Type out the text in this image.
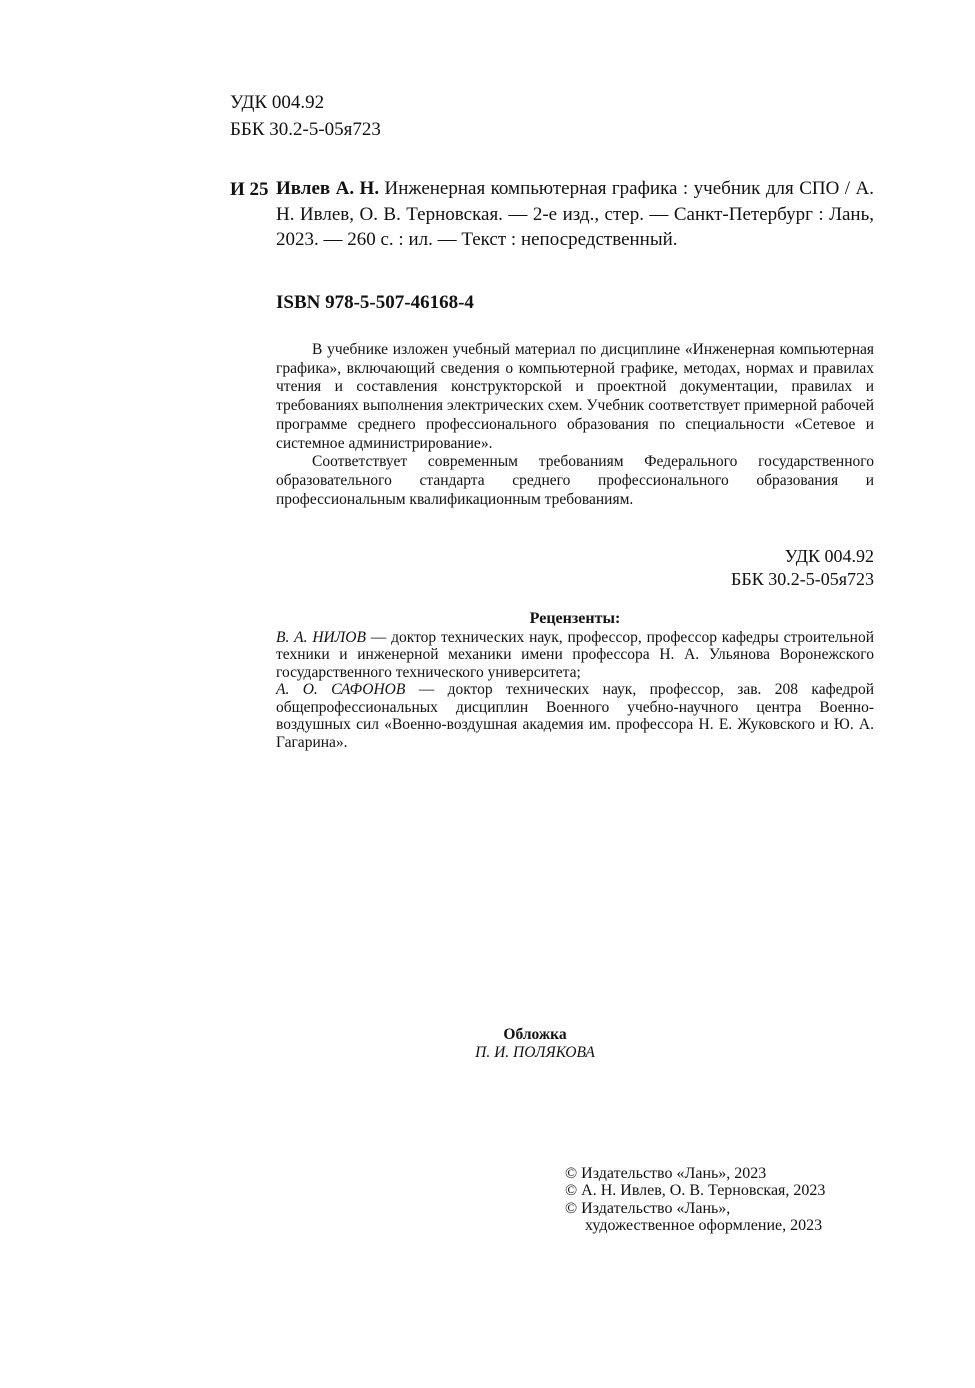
УДК 004.92
ББК 30.2-5-05я723
И 25 Ивлев А. Н. Инженерная компьютерная графика : учебник для СПО / А. Н. Ивлев, О. В. Терновская. — 2-е изд., стер. — Санкт-Петербург : Лань, 2023. — 260 с. : ил. — Текст : непосредственный.
ISBN 978-5-507-46168-4

В учебнике изложен учебный материал по дисциплине «Инженерная компьютерная графика», включающий сведения о компьютерной графике, методах, нормах и правилах чтения и составления конструкторской и проектной документации, правилах и требованиях выполнения электрических схем. Учебник соответствует примерной рабочей программе среднего профессионального образования по специальности «Сетевое и системное администрирование».

Соответствует современным требованиям Федерального государственного образовательного стандарта среднего профессионального образования и профессиональным квалификационным требованиям.

УДК 004.92
ББК 30.2-5-05я723
Рецензенты:
В. А. НИЛОВ — доктор технических наук, профессор, профессор кафедры строительной техники и инженерной механики имени профессора Н. А. Ульянова Воронежского государственного технического университета;
А. О. САФОНОВ — доктор технических наук, профессор, зав. 208 кафедрой общепрофессиональных дисциплин Военного учебно-научного центра Военно-воздушных сил «Военно-воздушная академия им. профессора Н. Е. Жуковского и Ю. А. Гагарина».
Обложка
П. И. ПОЛЯКОВА
© Издательство «Лань», 2023
© А. Н. Ивлев, О. В. Терновская, 2023
© Издательство «Лань»,
художественное оформление, 2023
